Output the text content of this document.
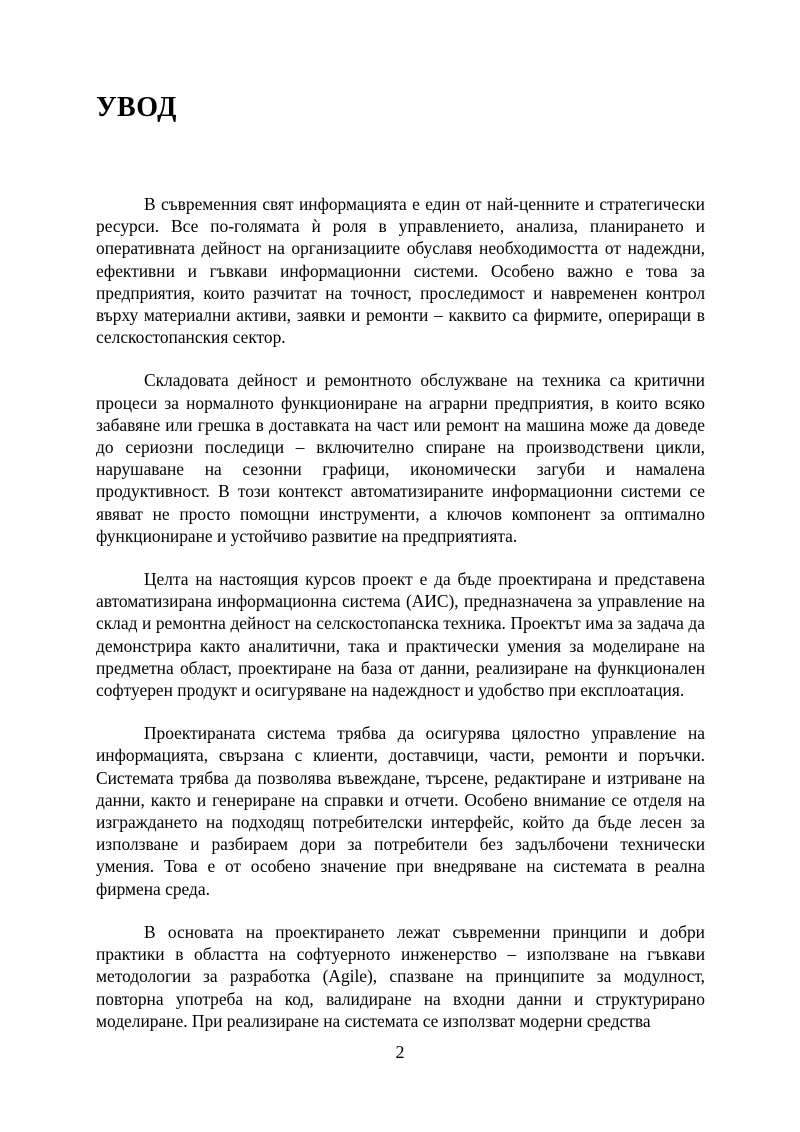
УВОД

В съвременния свят информацията е един от най-ценните и стратегически ресурси. Все по-голямата ѝ роля в управлението, анализа, планирането и оперативната дейност на организациите обуславя необходимостта от надеждни, ефективни и гъвкави информационни системи. Особено важно е това за предприятия, които разчитат на точност, проследимост и навременен контрол върху материални активи, заявки и ремонти – каквито са фирмите, опериращи в селскостопанския сектор.

Складовата дейност и ремонтното обслужване на техника са критични процеси за нормалното функциониране на аграрни предприятия, в които всяко забавяне или грешка в доставката на част или ремонт на машина може да доведе до сериозни последици – включително спиране на производствени цикли, нарушаване на сезонни графици, икономически загуби и намалена продуктивност. В този контекст автоматизираните информационни системи се явяват не просто помощни инструменти, а ключов компонент за оптимално функциониране и устойчиво развитие на предприятията.

Целта на настоящия курсов проект е да бъде проектирана и представена автоматизирана информационна система (АИС), предназначена за управление на склад и ремонтна дейност на селскостопанска техника. Проектът има за задача да демонстрира както аналитични, така и практически умения за моделиране на предметна област, проектиране на база от данни, реализиране на функционален софтуерен продукт и осигуряване на надеждност и удобство при експлоатация.

Проектираната система трябва да осигурява цялостно управление на информацията, свързана с клиенти, доставчици, части, ремонти и поръчки. Системата трябва да позволява въвеждане, търсене, редактиране и изтриване на данни, както и генериране на справки и отчети. Особено внимание се отделя на изграждането на подходящ потребителски интерфейс, който да бъде лесен за използване и разбираем дори за потребители без задълбочени технически умения. Това е от особено значение при внедряване на системата в реална фирмена среда.

В основата на проектирането лежат съвременни принципи и добри практики в областта на софтуерното инженерство – използване на гъвкави методологии за разработка (Agile), спазване на принципите за модулност, повторна употреба на код, валидиране на входни данни и структурирано моделиране. При реализиране на системата се използват модерни средства

2
